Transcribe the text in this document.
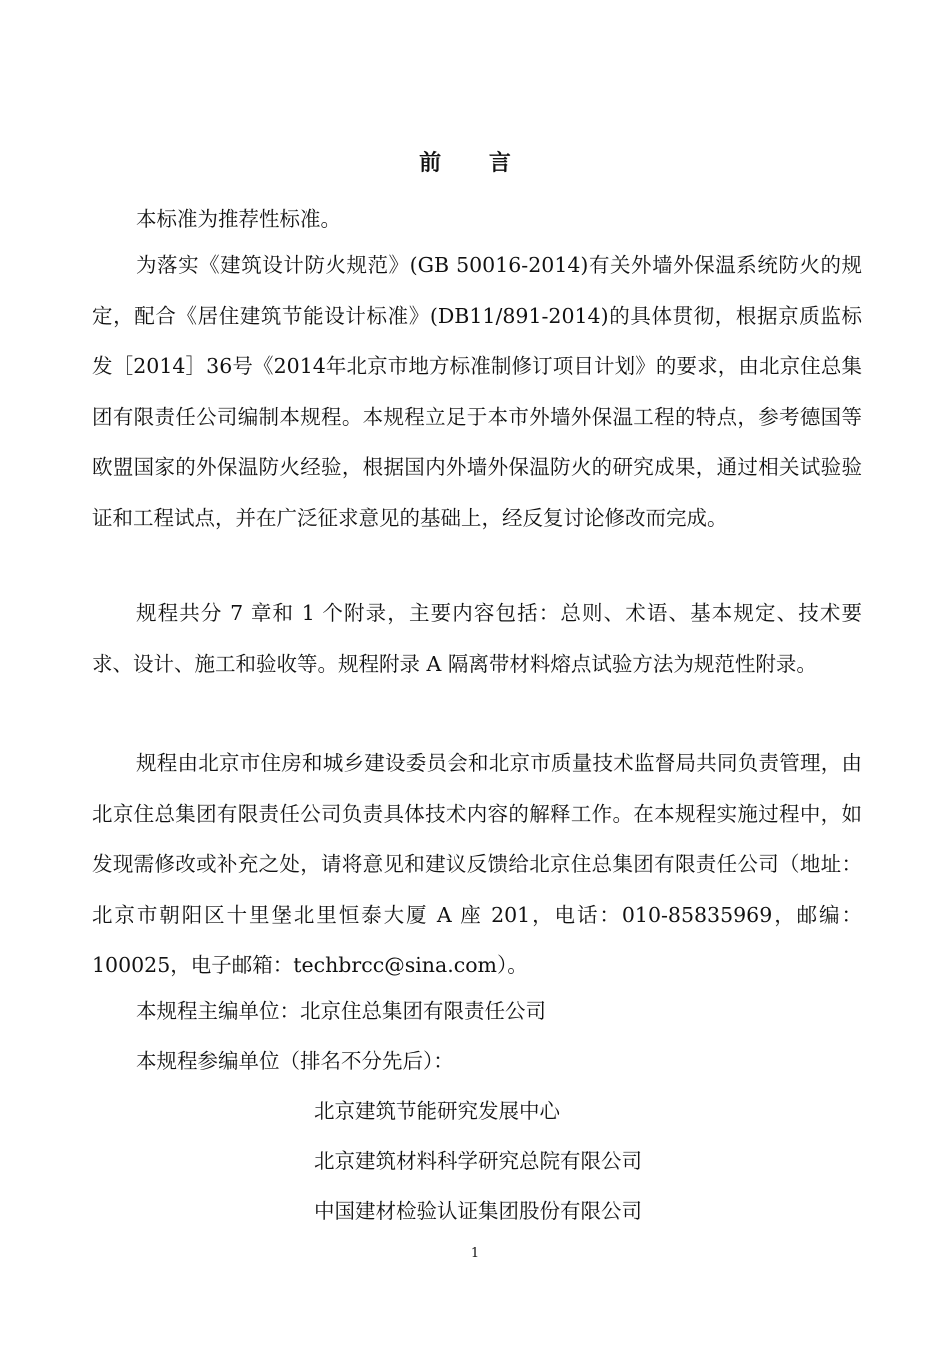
前 言

本标准为推荐性标准。

为落实《建筑设计防火规范》(GB 50016-2014)有关外墙外保温系统防火的规定，配合《居住建筑节能设计标准》(DB11/891-2014)的具体贯彻，根据京质监标发［2014］36号《2014年北京市地方标准制修订项目计划》的要求，由北京住总集团有限责任公司编制本规程。本规程立足于本市外墙外保温工程的特点，参考德国等欧盟国家的外保温防火经验，根据国内外墙外保温防火的研究成果，通过相关试验验证和工程试点，并在广泛征求意见的基础上，经反复讨论修改而完成。

规程共分 7 章和 1 个附录，主要内容包括：总则、术语、基本规定、技术要求、设计、施工和验收等。规程附录 A 隔离带材料熔点试验方法为规范性附录。

规程由北京市住房和城乡建设委员会和北京市质量技术监督局共同负责管理，由北京住总集团有限责任公司负责具体技术内容的解释工作。在本规程实施过程中，如发现需修改或补充之处，请将意见和建议反馈给北京住总集团有限责任公司（地址：北京市朝阳区十里堡北里恒泰大厦 A 座 201，电话：010-85835969，邮编：100025，电子邮箱：techbrcc@sina.com）。

本规程主编单位：北京住总集团有限责任公司
本规程参编单位（排名不分先后）：
北京建筑节能研究发展中心
北京建筑材料科学研究总院有限公司
中国建材检验认证集团股份有限公司
1
